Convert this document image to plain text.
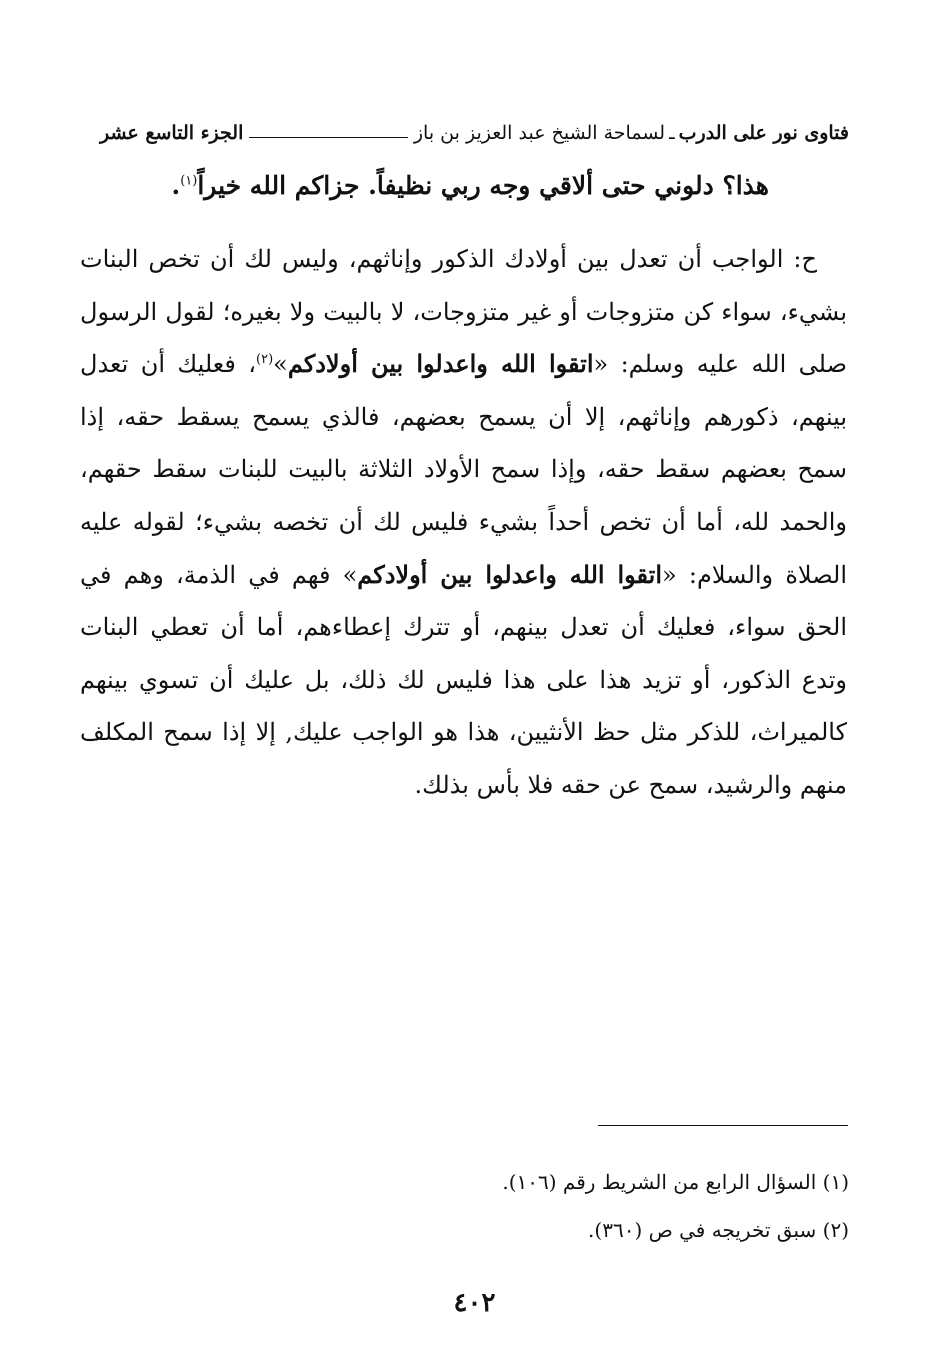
فتاوى نور على الدرب
ـ
لسماحة الشيخ عبد العزيز بن باز
الجزء التاسع عشر
هذا؟ دلوني حتى ألاقي وجه ربي نظيفاً. جزاكم الله خيراً$^{(١)}$.

ح: الواجب أن تعدل بين أولادك الذكور وإناثهم، وليس لك أن تخص البنات بشيء، سواء كن متزوجات أو غير متزوجات، لا بالبيت ولا بغيره؛ لقول الرسول صلى الله عليه وسلم: «اتقوا الله واعدلوا بين أولادكم»$^{(٢)}$، فعليك أن تعدل بينهم، ذكورهم وإناثهم، إلا أن يسمح بعضهم، فالذي يسمح يسقط حقه، إذا سمح بعضهم سقط حقه، وإذا سمح الأولاد الثلاثة بالبيت للبنات سقط حقهم، والحمد لله، أما أن تخص أحداً بشيء فليس لك أن تخصه بشيء؛ لقوله عليه الصلاة والسلام: «اتقوا الله واعدلوا بين أولادكم» فهم في الذمة، وهم في الحق سواء، فعليك أن تعدل بينهم، أو تترك إعطاءهم، أما أن تعطي البنات وتدع الذكور، أو تزيد هذا على هذا فليس لك ذلك، بل عليك أن تسوي بينهم كالميراث، للذكر مثل حظ الأنثيين، هذا هو الواجب عليك, إلا إذا سمح المكلف منهم والرشيد، سمح عن حقه فلا بأس بذلك.

(١) السؤال الرابع من الشريط رقم (١٠٦).
(٢) سبق تخريجه في ص (٣٦٠).
٤٠٢
